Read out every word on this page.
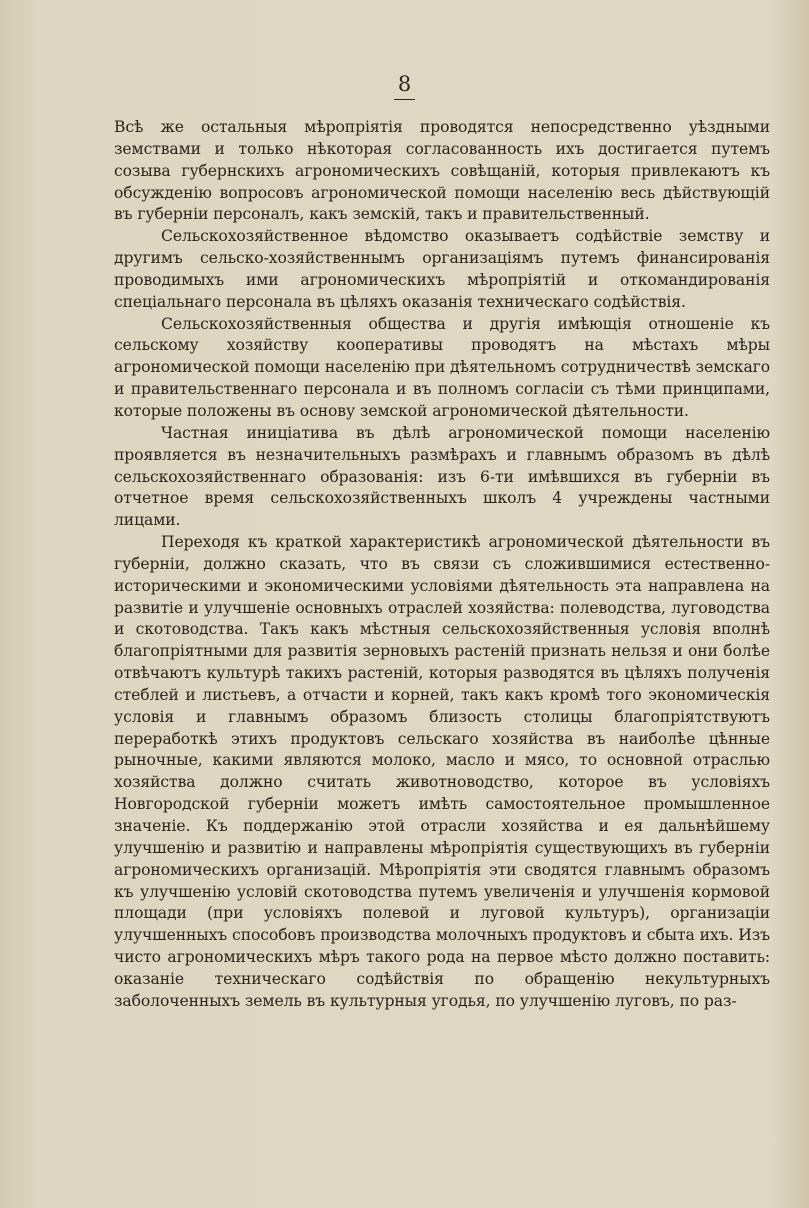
8

Всѣ же остальныя мѣропріятія проводятся непосредственно уѣздными земствами и только нѣкоторая согласованность ихъ достигается путемъ созыва губернскихъ агрономическихъ совѣщаній, которыя привлекаютъ къ обсужденію вопросовъ агрономической помощи населенію весь дѣйствующій въ губерніи персоналъ, какъ земскій, такъ и правительственный.

Сельскохозяйственное вѣдомство оказываетъ содѣйствіе земству и другимъ сельско-хозяйственнымъ организаціямъ путемъ финансированія проводимыхъ ими агрономическихъ мѣропріятій и откомандированія спеціальнаго персонала въ цѣляхъ оказанія техническаго содѣйствія.

Сельскохозяйственныя общества и другія имѣющія отношеніе къ сельскому хозяйству кооперативы проводятъ на мѣстахъ мѣры агрономической помощи населенію при дѣятельномъ сотрудничествѣ земскаго и правительственнаго персонала и въ полномъ согласіи съ тѣми принципами, которые положены въ основу земской агрономической дѣятельности.

Частная иниціатива въ дѣлѣ агрономической помощи населенію проявляется въ незначительныхъ размѣрахъ и главнымъ образомъ въ дѣлѣ сельскохозяйственнаго образованія: изъ 6-ти имѣвшихся въ губерніи въ отчетное время сельскохозяйственныхъ школъ 4 учреждены частными лицами.

Переходя къ краткой характеристикѣ агрономической дѣятельности въ губерніи, должно сказать, что въ связи съ сложившимися естественно-историческими и экономическими условіями дѣятельность эта направлена на развитіе и улучшеніе основныхъ отраслей хозяйства: полеводства, луговодства и скотоводства. Такъ какъ мѣстныя сельскохозяйственныя условія вполнѣ благопріятными для развитія зерновыхъ растеній признать нельзя и они болѣе отвѣчаютъ культурѣ такихъ растеній, которыя разводятся въ цѣляхъ полученія стеблей и листьевъ, а отчасти и корней, такъ какъ кромѣ того экономическія условія и главнымъ образомъ близость столицы благопріятствуютъ переработкѣ этихъ продуктовъ сельскаго хозяйства въ наиболѣе цѣнные рыночные, какими являются молоко, масло и мясо, то основной отраслью хозяйства должно считать животноводство, которое въ условіяхъ Новгородской губерніи можетъ имѣть самостоятельное промышленное значеніе. Къ поддержанію этой отрасли хозяйства и ея дальнѣйшему улучшенію и развитію и направлены мѣропріятія существующихъ въ губерніи агрономическихъ организацій. Мѣропріятія эти сводятся главнымъ образомъ къ улучшенію условій скотоводства путемъ увеличенія и улучшенія кормовой площади (при условіяхъ полевой и луговой культуръ), организаціи улучшенныхъ способовъ производства молочныхъ продуктовъ и сбыта ихъ. Изъ чисто агрономическихъ мѣръ такого рода на первое мѣсто должно поставить: оказаніе техническаго содѣйствія по обращенію некультурныхъ заболоченныхъ земель въ культурныя угодья, по улучшенію луговъ, по раз-
